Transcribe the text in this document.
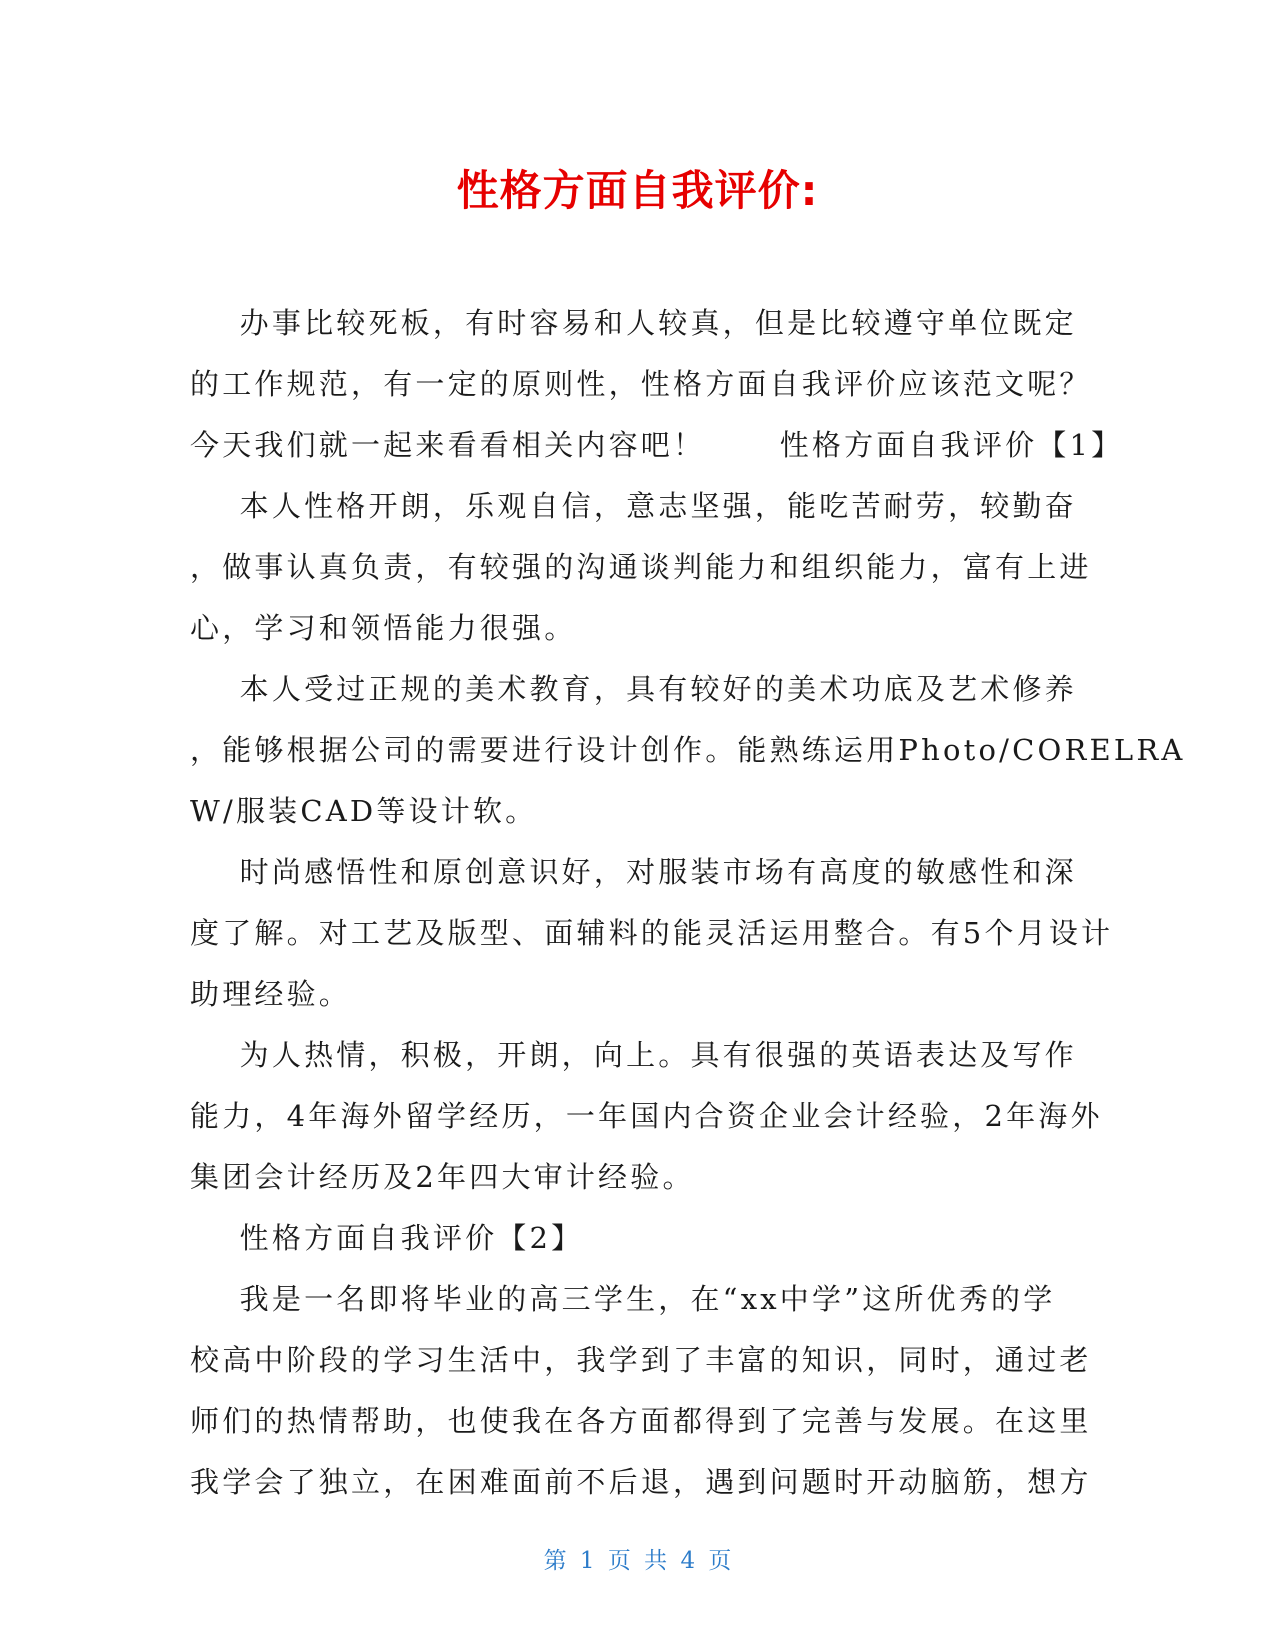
性格方面自我评价:
办事比较死板，有时容易和人较真，但是比较遵守单位既定
的工作规范，有一定的原则性，性格方面自我评价应该范文呢？
今天我们就一起来看看相关内容吧！      性格方面自我评价【1】
本人性格开朗，乐观自信，意志坚强，能吃苦耐劳，较勤奋
，做事认真负责，有较强的沟通谈判能力和组织能力，富有上进
心，学习和领悟能力很强。
本人受过正规的美术教育，具有较好的美术功底及艺术修养
，能够根据公司的需要进行设计创作。能熟练运用Photo/CORELRA
W/服装CAD等设计软。
时尚感悟性和原创意识好，对服装市场有高度的敏感性和深
度了解。对工艺及版型、面辅料的能灵活运用整合。有5个月设计
助理经验。
为人热情，积极，开朗，向上。具有很强的英语表达及写作
能力，4年海外留学经历，一年国内合资企业会计经验，2年海外
集团会计经历及2年四大审计经验。
性格方面自我评价【2】
我是一名即将毕业的高三学生，在“xx中学”这所优秀的学
校高中阶段的学习生活中，我学到了丰富的知识，同时，通过老
师们的热情帮助，也使我在各方面都得到了完善与发展。在这里
我学会了独立，在困难面前不后退，遇到问题时开动脑筋，想方
第 1 页 共 4 页
